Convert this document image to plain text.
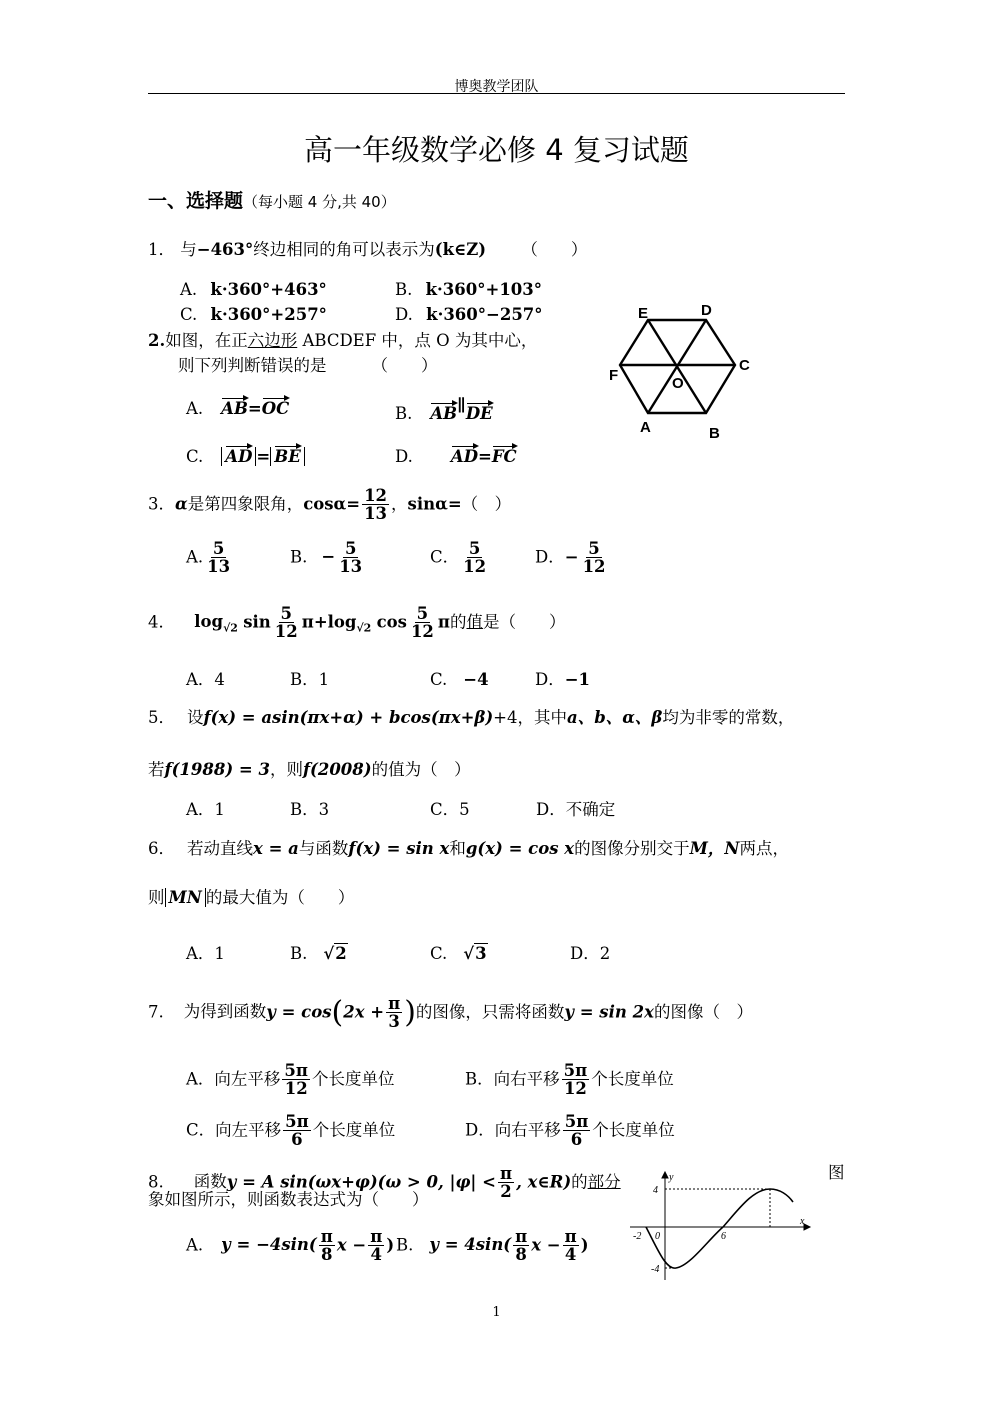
博奥教学团队
高一年级数学必修 4 复习试题
一、选择题（每小题 4 分,共 40）
1． 与−463°终边相同的角可以表示为(k∈Z) （　　）
A. k·360°+463°	B. k·360°+103°
C. k·360°+257°	D. k·360°−257°
2.如图，在正六边形 ABCDEF 中，点 O 为其中心，
则下列判断错误的是	（　　）
A. AB=OC	B. AB∥DE
C. AD = BE	D. AD=FC
E	D
C
B
A
F	O
3．α是第四象限角，$\cos\alpha= \frac{12}{13}$ ，sinα=（　）
A. $\frac{5}{13}$	B. − $\frac{5}{13}$	C． $\frac{5}{12}$	D．− $\frac{5}{12}$
4． $\log_{√2} \sin \frac{5}{12} \pi+\log_{√2}$ $\cos \frac{5}{12}$ π的值是（　　）
A．4	B．1	C. −4	D．−1
5． 设f(x) = asin(πx+α) + bcos(πx+β)+4，其中a、b、α、β均为非零的常数，
若f(1988) = 3，则f(2008)的值为（　）
A．1	B．3	C．5	D．不确定
6． 若动直线x = a与函数f(x) = sin x和g(x) = cos x的图像分别交于M，N两点，
则 MN 的最大值为（　　）
A．1	B. √2	C. √3	D．2
7. 为得到函数$y = \cos(2x + \frac{\pi}{3}$ )的图像，只需将函数y = sin 2x的图像（　）
A．向左平移 $\frac{5\pi}{12}$ 个长度单位	B．向右平移 $\frac{5\pi}{12}$ 个长度单位
C．向左平移 $\frac{5\pi}{6}$ 个长度单位	D．向右平移 $\frac{5\pi}{6}$ 个长度单位
8. 函数y = A sin(ωx+φ)(ω > 0, $|\varphi| < \frac{\pi}{2}$ , x∈R)的部分	图
象如图所示，则函数表达式为（　　）
A. $y = -4\sin( \frac{\pi}{8}$ $x - \frac{\pi}{4}$ ) B. $y = 4\sin( \frac{\pi}{8}$ $x - \frac{\pi}{4}$ )
y
x
4
-4
-2 0	6
1
